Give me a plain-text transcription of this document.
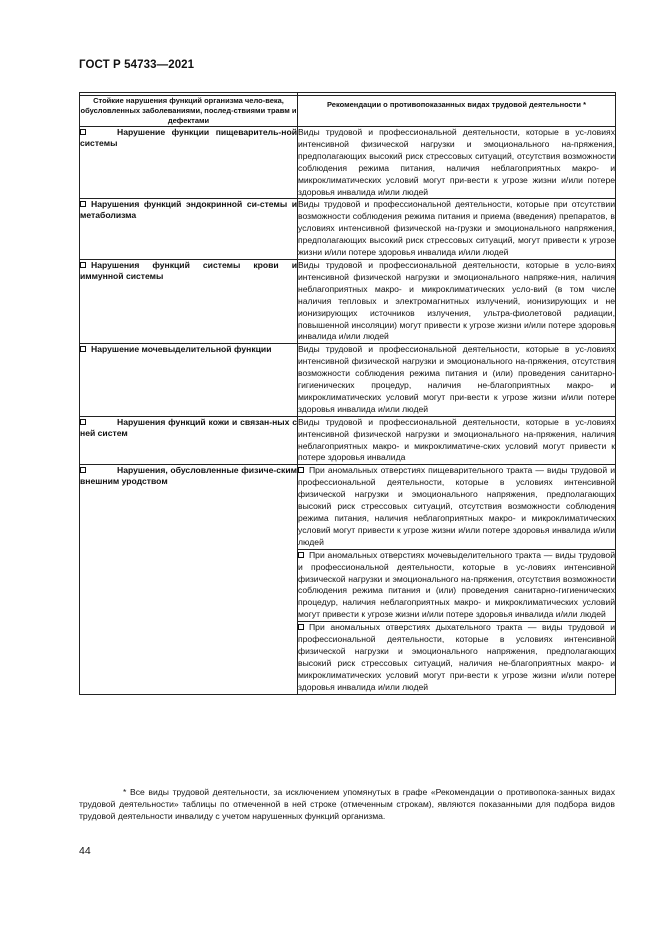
ГОСТ Р 54733—2021

Стойкие нарушения функций организма чело-века, обусловленных заболеваниями, послед-ствиями травм и дефектами	Рекомендации о противопоказанных видах трудовой деятельности *
Нарушение функции пищеваритель-ной системы	Виды трудовой и профессиональной деятельности, которые в ус-ловиях интенсивной физической нагрузки и эмоционального на-пряжения, предполагающих высокий риск стрессовых ситуаций, отсутствия возможности соблюдения режима питания, наличия неблагоприятных макро- и микроклиматических условий могут при-вести к угрозе жизни и/или потере здоровья инвалида и/или людей
Нарушения функций эндокринной си-стемы и метаболизма	Виды трудовой и профессиональной деятельности, которые при отсутствии возможности соблюдения режима питания и приема (введения) препаратов, в условиях интенсивной физической на-грузки и эмоционального напряжения, предполагающих высокий риск стрессовых ситуаций, могут привести к угрозе жизни и/или потере здоровья инвалида и/или людей
Нарушения функций системы крови и иммунной системы	Виды трудовой и профессиональной деятельности, которые в усло-виях интенсивной физической нагрузки и эмоционального напряже-ния, наличия неблагоприятных макро- и микроклиматических усло-вий (в том числе наличия тепловых и электромагнитных излучений, ионизирующих и не ионизирующих источников излучения, ультра-фиолетовой радиации, повышенной инсоляции) могут привести к угрозе жизни и/или потере здоровья инвалида и/или людей
Нарушение мочевыделительной функции	Виды трудовой и профессиональной деятельности, которые в ус-ловиях интенсивной физической нагрузки и эмоционального на-пряжения, отсутствия возможности соблюдения режима питания и (или) проведения санитарно-гигиенических процедур, наличия не-благоприятных макро- и микроклиматических условий могут при-вести к угрозе жизни и/или потере здоровья инвалида и/или людей
Нарушения функций кожи и связан-ных с ней систем	Виды трудовой и профессиональной деятельности, которые в ус-ловиях интенсивной физической нагрузки и эмоционального на-пряжения, наличия неблагоприятных макро- и микроклиматиче-ских условий могут привести к потере здоровья инвалида
Нарушения, обусловленные физиче-ским внешним уродством	При аномальных отверстиях пищеварительного тракта — виды трудовой и профессиональной деятельности, которые в условиях интенсивной физической нагрузки и эмоционального напряжения, предполагающих высокий риск стрессовых ситуаций, отсутствия возможности соблюдения режима питания, наличия неблагоприятных макро- и микроклиматических условий могут привести к угрозе жизни и/или потере здоровья инвалида и/или людей
	При аномальных отверстиях мочевыделительного тракта — виды трудовой и профессиональной деятельности, которые в ус-ловиях интенсивной физической нагрузки и эмоционального на-пряжения, отсутствия возможности соблюдения режима питания и (или) проведения санитарно-гигиенических процедур, наличия неблагоприятных макро- и микроклиматических условий могут привести к угрозе жизни и/или потере здоровья инвалида и/или людей
	При аномальных отверстиях дыхательного тракта — виды трудовой и профессиональной деятельности, которые в условиях интенсивной физической нагрузки и эмоционального напряжения, предполагающих высокий риск стрессовых ситуаций, наличия не-благоприятных макро- и микроклиматических условий могут при-вести к угрозе жизни и/или потере здоровья инвалида и/или людей
* Все виды трудовой деятельности, за исключением упомянутых в графе «Рекомендации о противопока-занных видах трудовой деятельности» таблицы по отмеченной в ней строке (отмеченным строкам), являются показанными для подбора видов трудовой деятельности инвалиду с учетом нарушенных функций организма.
44
